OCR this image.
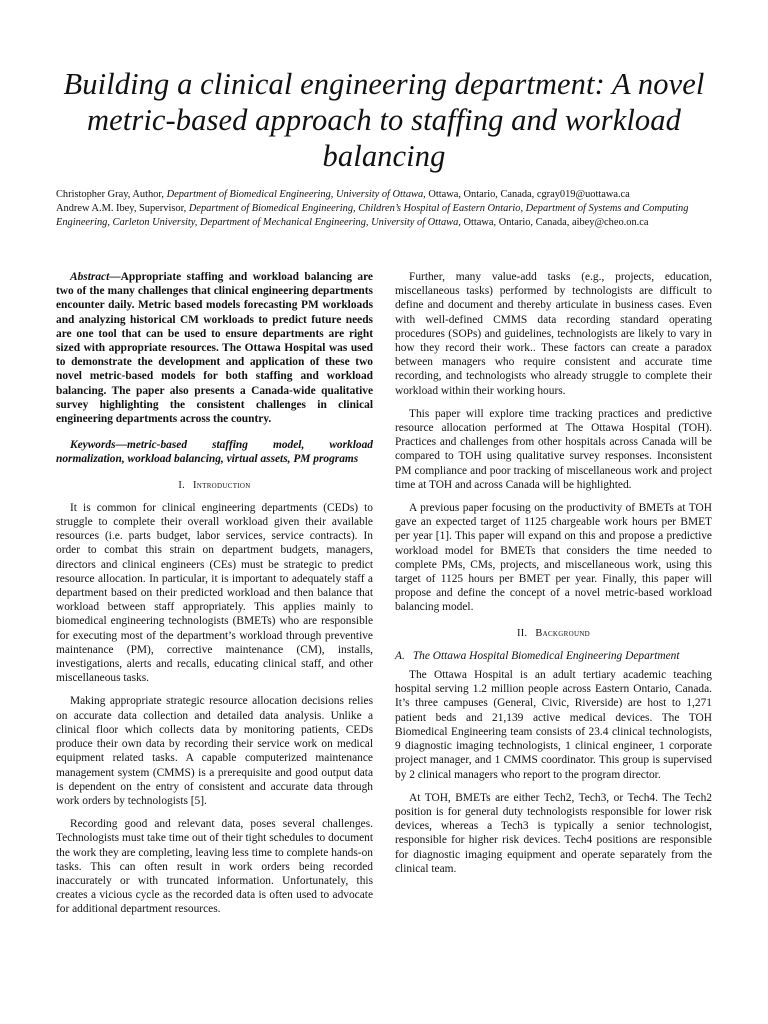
Building a clinical engineering department: A novel metric-based approach to staffing and workload balancing

Christopher Gray, Author, Department of Biomedical Engineering, University of Ottawa, Ottawa, Ontario, Canada, cgray019@uottawa.ca

Andrew A.M. Ibey, Supervisor, Department of Biomedical Engineering, Children’s Hospital of Eastern Ontario, Department of Systems and Computing Engineering, Carleton University, Department of Mechanical Engineering, University of Ottawa, Ottawa, Ontario, Canada, aibey@cheo.on.ca

Abstract—Appropriate staffing and workload balancing are two of the many challenges that clinical engineering departments encounter daily. Metric based models forecasting PM workloads and analyzing historical CM workloads to predict future needs are one tool that can be used to ensure departments are right sized with appropriate resources. The Ottawa Hospital was used to demonstrate the development and application of these two novel metric-based models for both staffing and workload balancing. The paper also presents a Canada-wide qualitative survey highlighting the consistent challenges in clinical engineering departments across the country.

Keywords—metric-based staffing model, workload normalization, workload balancing, virtual assets, PM programs

I. Introduction

It is common for clinical engineering departments (CEDs) to struggle to complete their overall workload given their available resources (i.e. parts budget, labor services, service contracts). In order to combat this strain on department budgets, managers, directors and clinical engineers (CEs) must be strategic to predict resource allocation. In particular, it is important to adequately staff a department based on their predicted workload and then balance that workload between staff appropriately. This applies mainly to biomedical engineering technologists (BMETs) who are responsible for executing most of the department’s workload through preventive maintenance (PM), corrective maintenance (CM), installs, investigations, alerts and recalls, educating clinical staff, and other miscellaneous tasks.

Making appropriate strategic resource allocation decisions relies on accurate data collection and detailed data analysis. Unlike a clinical floor which collects data by monitoring patients, CEDs produce their own data by recording their service work on medical equipment related tasks. A capable computerized maintenance management system (CMMS) is a prerequisite and good output data is dependent on the entry of consistent and accurate data through work orders by technologists [5].

Recording good and relevant data, poses several challenges. Technologists must take time out of their tight schedules to document the work they are completing, leaving less time to complete hands-on tasks. This can often result in work orders being recorded inaccurately or with truncated information. Unfortunately, this creates a vicious cycle as the recorded data is often used to advocate for additional department resources.

Further, many value-add tasks (e.g., projects, education, miscellaneous tasks) performed by technologists are difficult to define and document and thereby articulate in business cases. Even with well-defined CMMS data recording standard operating procedures (SOPs) and guidelines, technologists are likely to vary in how they record their work.. These factors can create a paradox between managers who require consistent and accurate time recording, and technologists who already struggle to complete their workload within their working hours.

This paper will explore time tracking practices and predictive resource allocation performed at The Ottawa Hospital (TOH). Practices and challenges from other hospitals across Canada will be compared to TOH using qualitative survey responses. Inconsistent PM compliance and poor tracking of miscellaneous work and project time at TOH and across Canada will be highlighted.

A previous paper focusing on the productivity of BMETs at TOH gave an expected target of 1125 chargeable work hours per BMET per year [1]. This paper will expand on this and propose a predictive workload model for BMETs that considers the time needed to complete PMs, CMs, projects, and miscellaneous work, using this target of 1125 hours per BMET per year. Finally, this paper will propose and define the concept of a novel metric-based workload balancing model.

II. Background

A. The Ottawa Hospital Biomedical Engineering Department

The Ottawa Hospital is an adult tertiary academic teaching hospital serving 1.2 million people across Eastern Ontario, Canada. It’s three campuses (General, Civic, Riverside) are host to 1,271 patient beds and 21,139 active medical devices. The TOH Biomedical Engineering team consists of 23.4 clinical technologists, 9 diagnostic imaging technologists, 1 clinical engineer, 1 corporate project manager, and 1 CMMS coordinator. This group is supervised by 2 clinical managers who report to the program director.

At TOH, BMETs are either Tech2, Tech3, or Tech4. The Tech2 position is for general duty technologists responsible for lower risk devices, whereas a Tech3 is typically a senior technologist, responsible for higher risk devices. Tech4 positions are responsible for diagnostic imaging equipment and operate separately from the clinical team.
